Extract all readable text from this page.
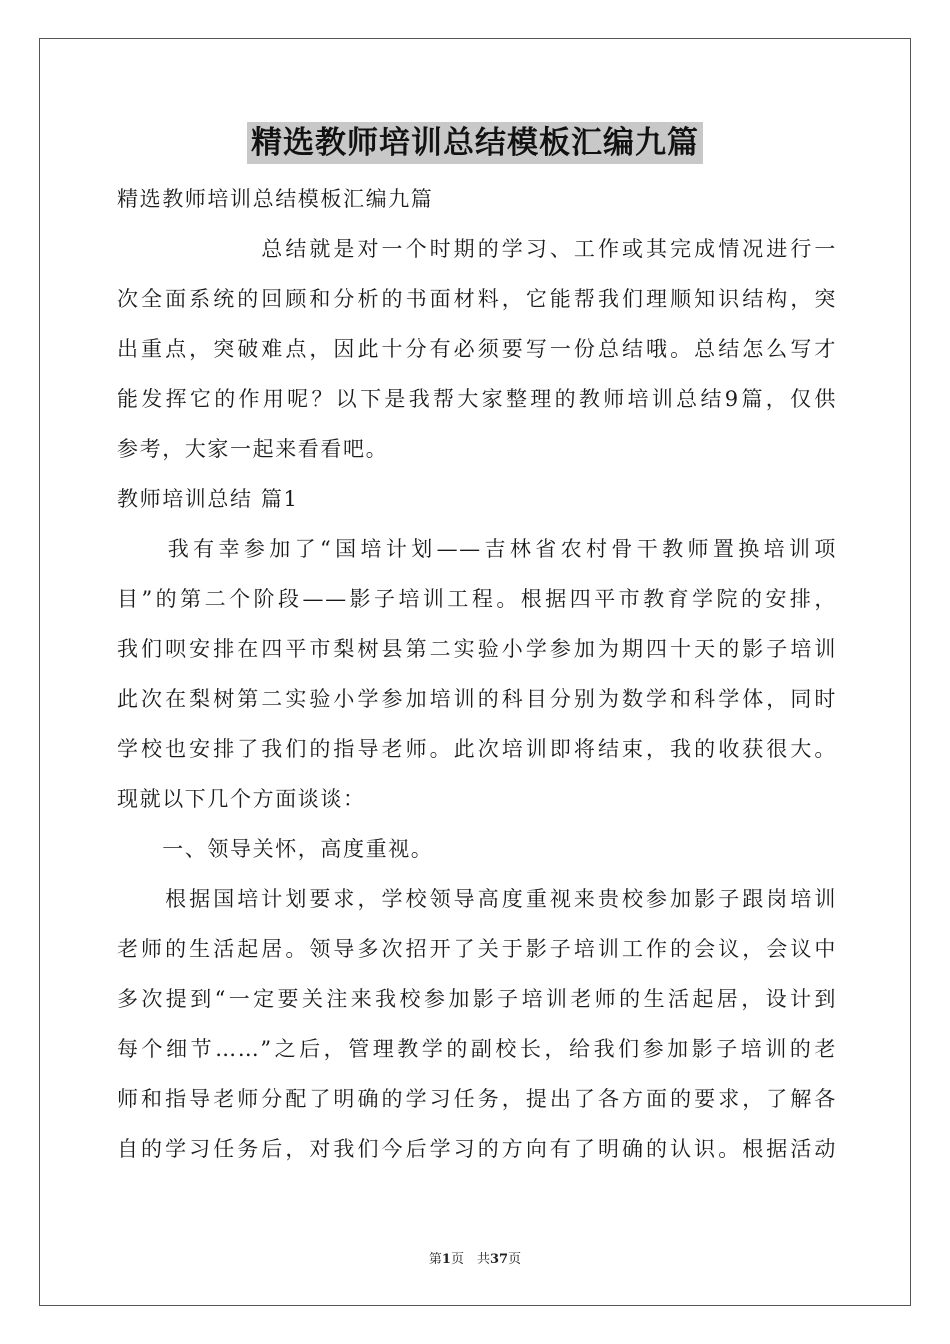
精选教师培训总结模板汇编九篇
精选教师培训总结模板汇编九篇
　　　　　　总结就是对一个时期的学习、工作或其完成情况进行一
次全面系统的回顾和分析的书面材料，它能帮我们理顺知识结构，突
出重点，突破难点，因此十分有必须要写一份总结哦。总结怎么写才
能发挥它的作用呢？以下是我帮大家整理的教师培训总结9篇，仅供
参考，大家一起来看看吧。
教师培训总结 篇1
　　我有幸参加了“国培计划——吉林省农村骨干教师置换培训项
目”的第二个阶段——影子培训工程。根据四平市教育学院的安排，
我们呗安排在四平市梨树县第二实验小学参加为期四十天的影子培训
此次在梨树第二实验小学参加培训的科目分别为数学和科学体，同时
学校也安排了我们的指导老师。此次培训即将结束，我的收获很大。
现就以下几个方面谈谈：
　　一、领导关怀，高度重视。
　　根据国培计划要求，学校领导高度重视来贵校参加影子跟岗培训
老师的生活起居。领导多次招开了关于影子培训工作的会议，会议中
多次提到“一定要关注来我校参加影子培训老师的生活起居，设计到
每个细节……”之后，管理教学的副校长，给我们参加影子培训的老
师和指导老师分配了明确的学习任务，提出了各方面的要求，了解各
自的学习任务后，对我们今后学习的方向有了明确的认识。根据活动
第1页　共37页
